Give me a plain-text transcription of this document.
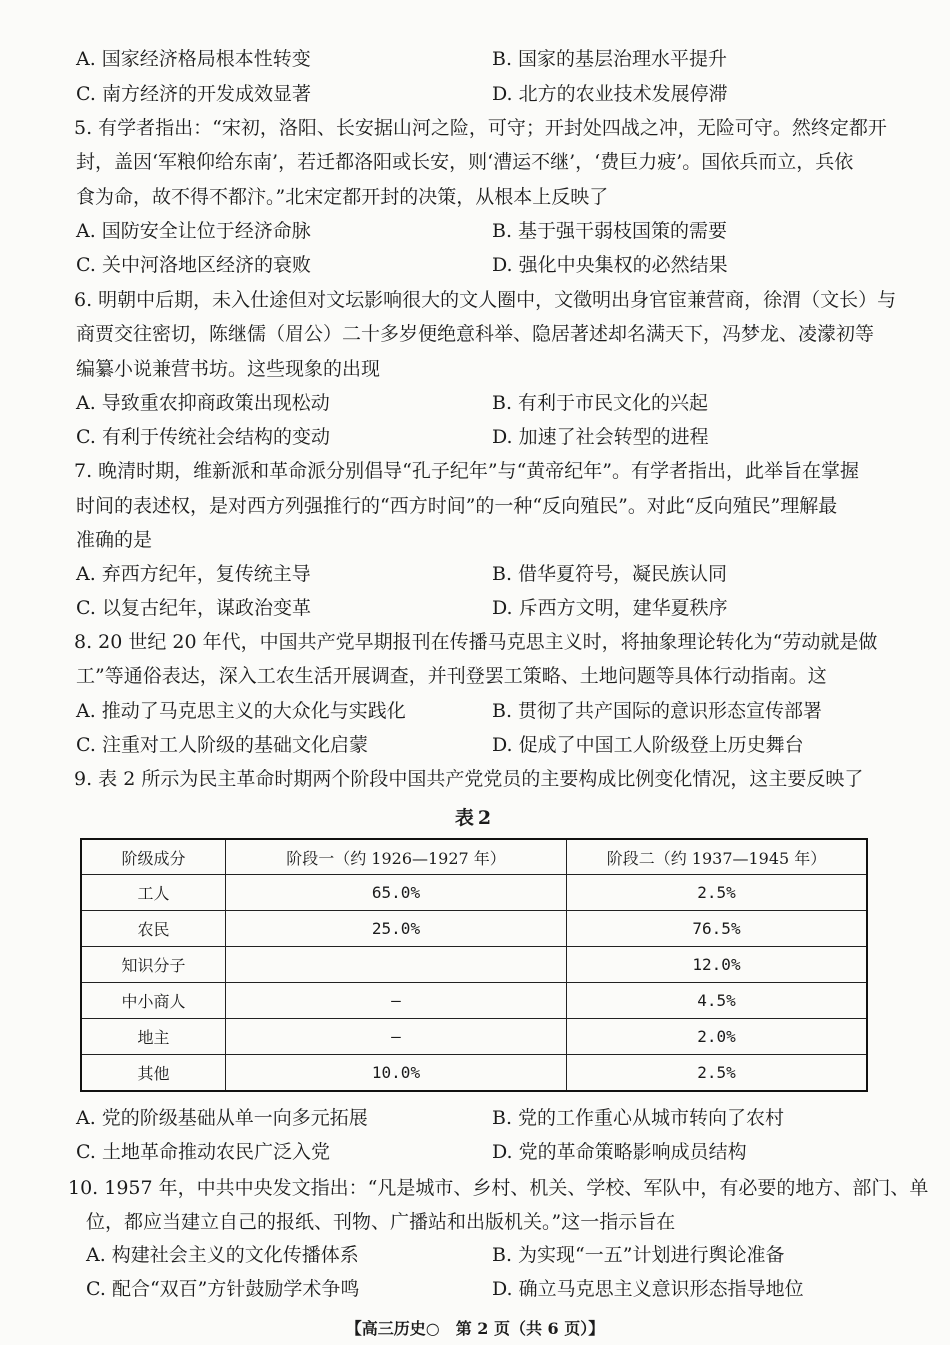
A. 国家经济格局根本性转变	B. 国家的基层治理水平提升
C. 南方经济的开发成效显著	D. 北方的农业技术发展停滞
5. 有学者指出：“宋初，洛阳、长安据山河之险，可守；开封处四战之冲，无险可守。然终定都开
封，盖因‘军粮仰给东南’，若迁都洛阳或长安，则‘漕运不继’，‘费巨力疲’。国依兵而立，兵依
食为命，故不得不都汴。”北宋定都开封的决策，从根本上反映了
A. 国防安全让位于经济命脉	B. 基于强干弱枝国策的需要
C. 关中河洛地区经济的衰败	D. 强化中央集权的必然结果
6. 明朝中后期，未入仕途但对文坛影响很大的文人圈中，文徵明出身官宦兼营商，徐渭（文长）与
商贾交往密切，陈继儒（眉公）二十多岁便绝意科举、隐居著述却名满天下，冯梦龙、凌濛初等
编纂小说兼营书坊。这些现象的出现
A. 导致重农抑商政策出现松动	B. 有利于市民文化的兴起
C. 有利于传统社会结构的变动	D. 加速了社会转型的进程
7. 晚清时期，维新派和革命派分别倡导“孔子纪年”与“黄帝纪年”。有学者指出，此举旨在掌握
时间的表述权，是对西方列强推行的“西方时间”的一种“反向殖民”。对此“反向殖民”理解最
准确的是
A. 弃西方纪年，复传统主导	B. 借华夏符号，凝民族认同
C. 以复古纪年，谋政治变革	D. 斥西方文明，建华夏秩序
8. 20 世纪 20 年代，中国共产党早期报刊在传播马克思主义时，将抽象理论转化为“劳动就是做
工”等通俗表达，深入工农生活开展调查，并刊登罢工策略、土地问题等具体行动指南。这
A. 推动了马克思主义的大众化与实践化	B. 贯彻了共产国际的意识形态宣传部署
C. 注重对工人阶级的基础文化启蒙	D. 促成了中国工人阶级登上历史舞台
9. 表 2 所示为民主革命时期两个阶段中国共产党党员的主要构成比例变化情况，这主要反映了
表2
阶级成分	阶段一（约 1926—1927 年）	阶段二（约 1937—1945 年）
工人	65.0%	2.5%
农民	25.0%	76.5%
知识分子		12.0%
中小商人	—	4.5%
地主	—	2.0%
其他	10.0%	2.5%
A. 党的阶级基础从单一向多元拓展	B. 党的工作重心从城市转向了农村
C. 土地革命推动农民广泛入党	D. 党的革命策略影响成员结构
10. 1957 年，中共中央发文指出：“凡是城市、乡村、机关、学校、军队中，有必要的地方、部门、单
位，都应当建立自己的报纸、刊物、广播站和出版机关。”这一指示旨在
A. 构建社会主义的文化传播体系	B. 为实现“一五”计划进行舆论准备
C. 配合“双百”方针鼓励学术争鸣	D. 确立马克思主义意识形态指导地位
【高三历史○　第 2 页（共 6 页）】
